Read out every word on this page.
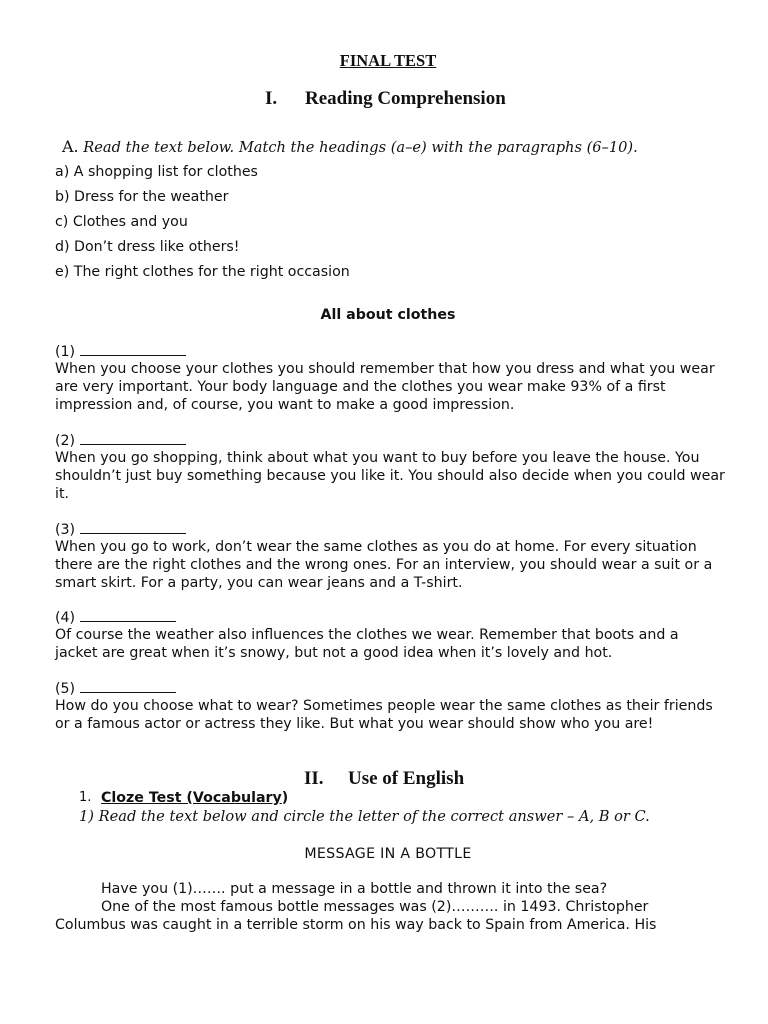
FINAL TEST
I. Reading Comprehension
A. Read the text below. Match the headings (a–e) with the paragraphs (6–10).
a) A shopping list for clothes
b) Dress for the weather
c) Clothes and you
d) Don’t dress like others!
e) The right clothes for the right occasion
All about clothes
(1)
When you choose your clothes you should remember that how you dress and what you wear are very important. Your body language and the clothes you wear make 93% of a first impression and, of course, you want to make a good impression.
(2)
When you go shopping, think about what you want to buy before you leave the house. You shouldn’t just buy something because you like it. You should also decide when you could wear it.
(3)
When you go to work, don’t wear the same clothes as you do at home. For every situation there are the right clothes and the wrong ones. For an interview, you should wear a suit or a smart skirt. For a party, you can wear jeans and a T-shirt.
(4)
Of course the weather also influences the clothes we wear. Remember that boots and a jacket are great when it’s snowy, but not a good idea when it’s lovely and hot.
(5)
How do you choose what to wear? Sometimes people wear the same clothes as their friends or a famous actor or actress they like. But what you wear should show who you are!
II. Use of English
1. Cloze Test (Vocabulary)
1) Read the text below and circle the letter of the correct answer – A, B or C.
MESSAGE IN A BOTTLE
Have you (1)……. put a message in a bottle and thrown it into the sea?
One of the most famous bottle messages was (2)………. in 1493. Christopher
Columbus was caught in a terrible storm on his way back to Spain from America. His
